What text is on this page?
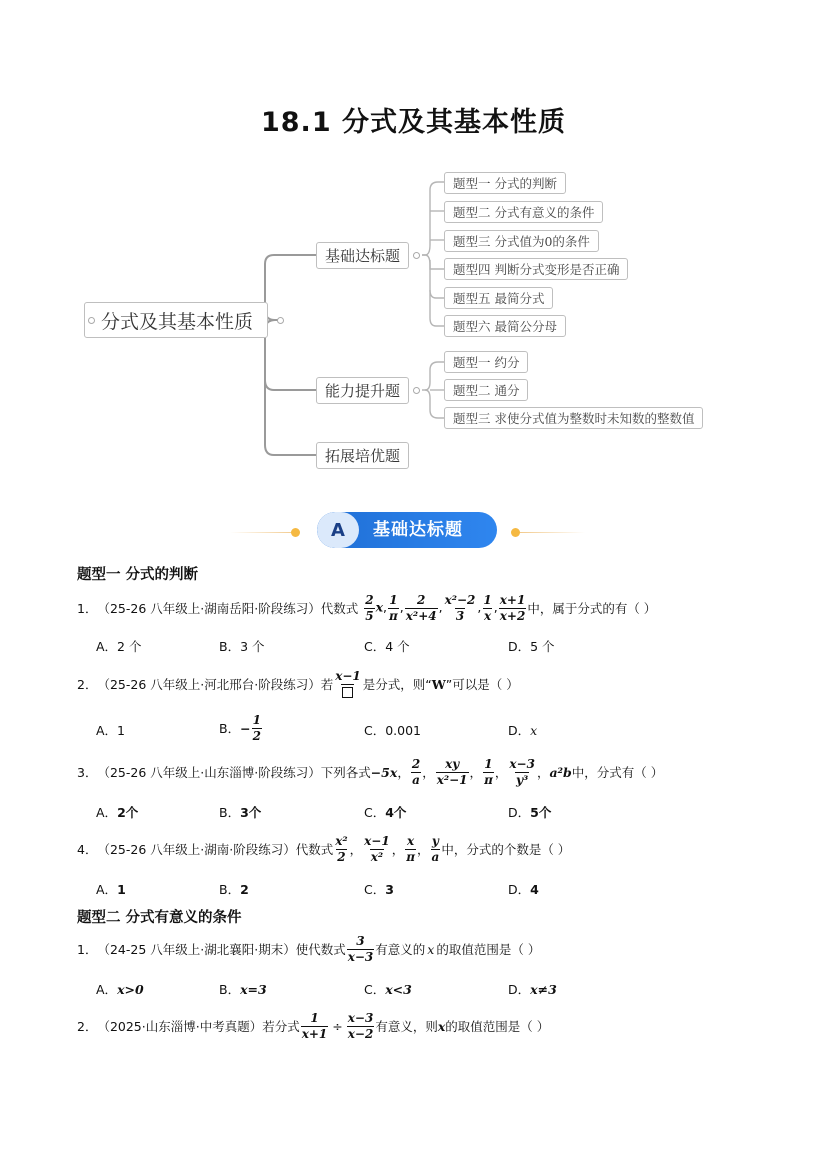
18.1 分式及其基本性质
分式及其基本性质
基础达标题
能力提升题
拓展培优题
题型一 分式的判断
题型二 分式有意义的条件
题型三 分式值为0的条件
题型四 判断分式变形是否正确
题型五 最简分式
题型六 最简公分母
题型一 约分
题型二 通分
题型三 求使分式值为整数时未知数的整数值
A	基础达标题
题型一 分式的判断
1． （25-26 八年级上·湖南岳阳·阶段练习）代数式 $\frac{2}{5} x$, $\frac{1}{\pi}$ , $\frac{2}{\text{x²+4}}$ , $\frac{\text{x²−2}}{3}$ , $\frac{1}{x}$ , $\frac{x+1}{x+2}$ 中，属于分式的有（ ）
A．2 个	B．3 个	C．4 个	D．5 个
2． （25-26 八年级上·河北邢台·阶段练习）若
x−1
是分式，则“ W ”可以是（ ）
A．1	B． − $\frac{1}{2}$	C．0.001	D． x
3． （25-26 八年级上·山东淄博·阶段练习）下列各式 −5x ， $\frac{2}{a}$ ， $\frac{xy}{\text{x²−1}}$ ， $\frac{1}{\pi}$ ， $\frac{x-3}{\text{y³}}$ ， a²b 中，分式有（ ）
A． 2个	B． 3个	C． 4个	D． 5个
4． （25-26 八年级上·湖南·阶段练习）代数式 $\frac{\text{x²}}{2}$ ， $\frac{x-1}{\text{x²}}$ ， $\frac{x}{\pi}$ ， $\frac{y}{a}$ 中，分式的个数是（ ）
A． 1	B． 2	C． 3	D． 4
题型二 分式有意义的条件
1． （24-25 八年级上·湖北襄阳·期末）使代数式 $\frac{3}{x-3}$ 有意义的 x 的取值范围是（ ）
A． x>0	B． x=3	C． x<3	D． x≠3
2． （2025·山东淄博·中考真题）若分式 $\frac{1}{x+1} \div \frac{x-3}{x-2}$ 有意义，则 x 的取值范围是（ ）
